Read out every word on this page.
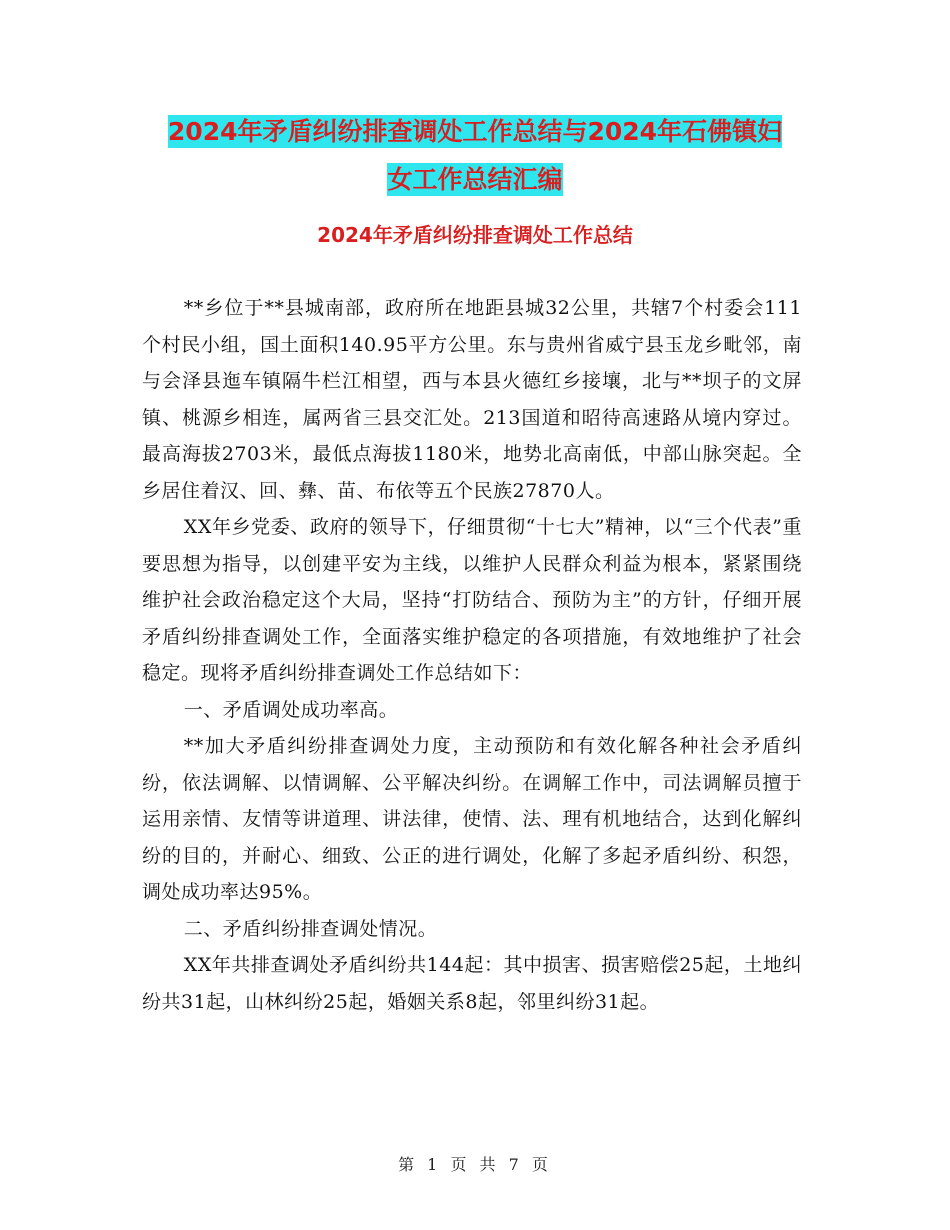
2024年矛盾纠纷排查调处工作总结与2024年石佛镇妇
女工作总结汇编
2024年矛盾纠纷排查调处工作总结

**乡位于**县城南部，政府所在地距县城32公里，共辖7个村委会111个村民小组，国土面积140.95平方公里。东与贵州省威宁县玉龙乡毗邻，南与会泽县迤车镇隔牛栏江相望，西与本县火德红乡接壤，北与**坝子的文屏镇、桃源乡相连，属两省三县交汇处。213国道和昭待高速路从境内穿过。最高海拔2703米，最低点海拔1180米，地势北高南低，中部山脉突起。全乡居住着汉、回、彝、苗、布依等五个民族27870人。

XX年乡党委、政府的领导下，仔细贯彻“十七大”精神，以“三个代表”重要思想为指导，以创建平安为主线，以维护人民群众利益为根本，紧紧围绕维护社会政治稳定这个大局，坚持“打防结合、预防为主”的方针，仔细开展矛盾纠纷排查调处工作，全面落实维护稳定的各项措施，有效地维护了社会稳定。现将矛盾纠纷排查调处工作总结如下：

一、矛盾调处成功率高。

**加大矛盾纠纷排查调处力度，主动预防和有效化解各种社会矛盾纠纷，依法调解、以情调解、公平解决纠纷。在调解工作中，司法调解员擅于运用亲情、友情等讲道理、讲法律，使情、法、理有机地结合，达到化解纠纷的目的，并耐心、细致、公正的进行调处，化解了多起矛盾纠纷、积怨，调处成功率达95%。

二、矛盾纠纷排查调处情况。

XX年共排查调处矛盾纠纷共144起：其中损害、损害赔偿25起，土地纠纷共31起，山林纠纷25起，婚姻关系8起，邻里纠纷31起。

第 1 页 共 7 页
